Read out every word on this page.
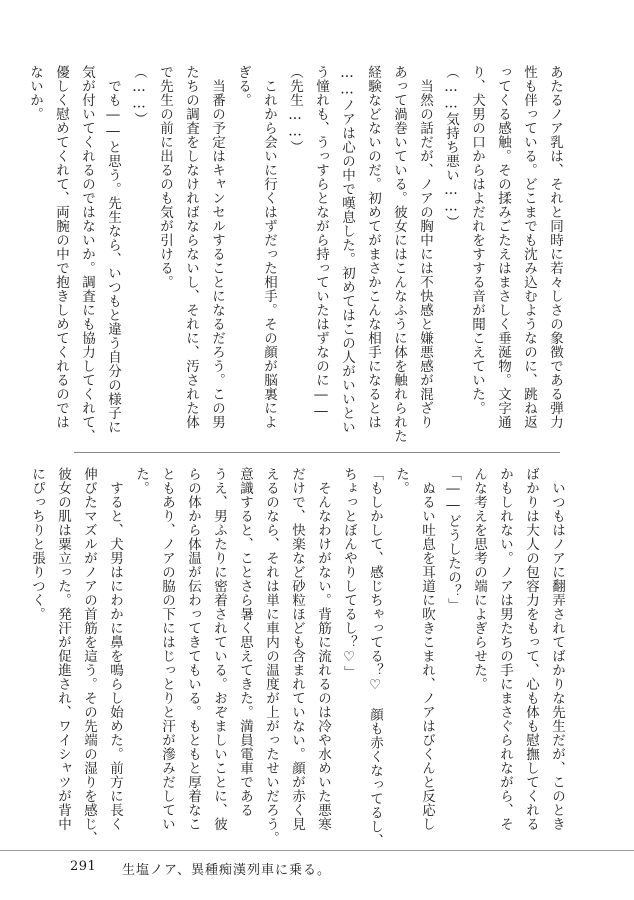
あたるノア乳は、それと同時に若々しさの象徴である弾力
性も伴っている。どこまでも沈み込むようなのに、跳ね返
ってくる感触。その揉みごたえはまさしく垂涎物。文字通
り、犬男の口からはよだれをすする音が聞こえていた。
（……気持ち悪い……）
　当然の話だが、ノアの胸中には不快感と嫌悪感が混ざり
あって渦巻いている。彼女にはこんなふうに体を触れられた
経験などないのだ。初めてがまさかこんな相手になるとは
……ノアは心の中で嘆息した。初めてはこの人がいいとい
う憧れも、うっすらとながら持っていたはずなのに――
（先生……）
　これから会いに行くはずだった相手。その顔が脳裏によ
ぎる。
　当番の予定はキャンセルすることになるだろう。この男
たちの調査をしなければならないし、それに、汚された体
で先生の前に出るのも気が引ける。
（……）
　でも――と思う。先生なら、いつもと違う自分の様子に
気が付いてくれるのではないか。調査にも協力してくれて、
優しく慰めてくれて、両腕の中で抱きしめてくれるのでは
ないか。
　いつもはノアに翻弄されてばかりな先生だが、このとき
ばかりは大人の包容力をもって、心も体も慰撫してくれる
かもしれない。ノアは男たちの手にまさぐられながら、そ
んな考えを思考の端によぎらせた。
「――どうしたの？」
　ぬるい吐息を耳道に吹きこまれ、ノアはびくんと反応し
た。
「もしかして、感じちゃってる？♡　顔も赤くなってるし、
ちょっとぼんやりしてるし？♡」
　そんなわけがない。背筋に流れるのは冷や水めいた悪寒
だけで、快楽など砂粒ほども含まれていない。顔が赤く見
えるのなら、それは単に車内の温度が上がったせいだろう。
意識すると、ことさら暑く思えてきた。満員電車である
うえ、男ふたりに密着されている。おぞましいことに、彼
らの体から体温が伝わってきてもいる。もともと厚着なこ
ともあり、ノアの脇の下にはじっとりと汗が滲みだしてい
た。
　すると、犬男はにわかに鼻を鳴らし始めた。前方に長く
伸びたマズルがノアの首筋を這う。その先端の湿りを感じ、
彼女の肌は粟立った。発汗が促進され、ワイシャツが背中
にぴっちりと張りつく。
291 生塩ノア、異種痴漢列車に乗る。
